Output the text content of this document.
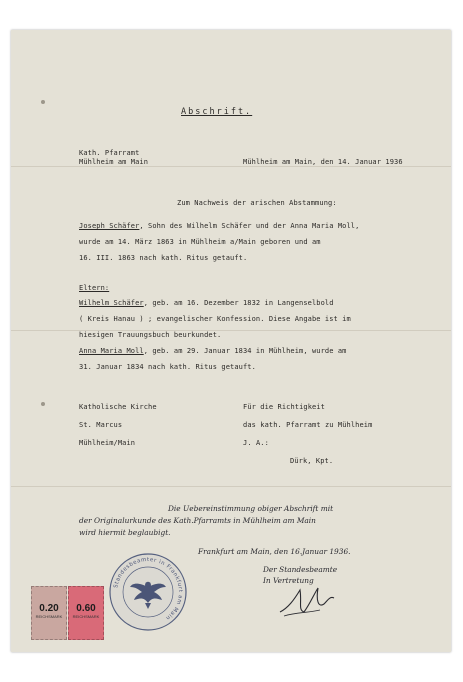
Abschrift.
Kath. Pfarramt
Mühlheim am Main	Mühlheim am Main, den 14. Januar 1936
Zum Nachweis der arischen Abstammung:
Joseph Schäfer, Sohn des Wilhelm Schäfer und der Anna Maria Moll,
wurde am 14. März 1863 in Mühlheim a/Main geboren und am
16. III. 1863 nach kath. Ritus getauft.
Eltern:
Wilhelm Schäfer, geb. am 16. Dezember 1832 in Langenselbold
( Kreis Hanau ) ; evangelischer Konfession. Diese Angabe ist im
hiesigen Trauungsbuch beurkundet.
Anna Maria Moll, geb. am 29. Januar 1834 in Mühlheim, wurde am
31. Januar 1834 nach kath. Ritus getauft.
Katholische Kirche
St. Marcus
Mühlheim/Main
Für die Richtigkeit
das kath. Pfarramt zu Mühlheim
J. A.:
Dürk, Kpt.
Die Uebereinstimmung obiger Abschrift mit
der Originalurkunde des Kath.Pfarramts in Mühlheim am Main
wird hiermit beglaubigt.
Frankfurt am Main, den 16.Januar 1936.
Der Standesbeamte
In Vertretung
Standesbeamter in Frankfurt am Main
0.20
REICHSMARK
0.60
REICHSMARK
